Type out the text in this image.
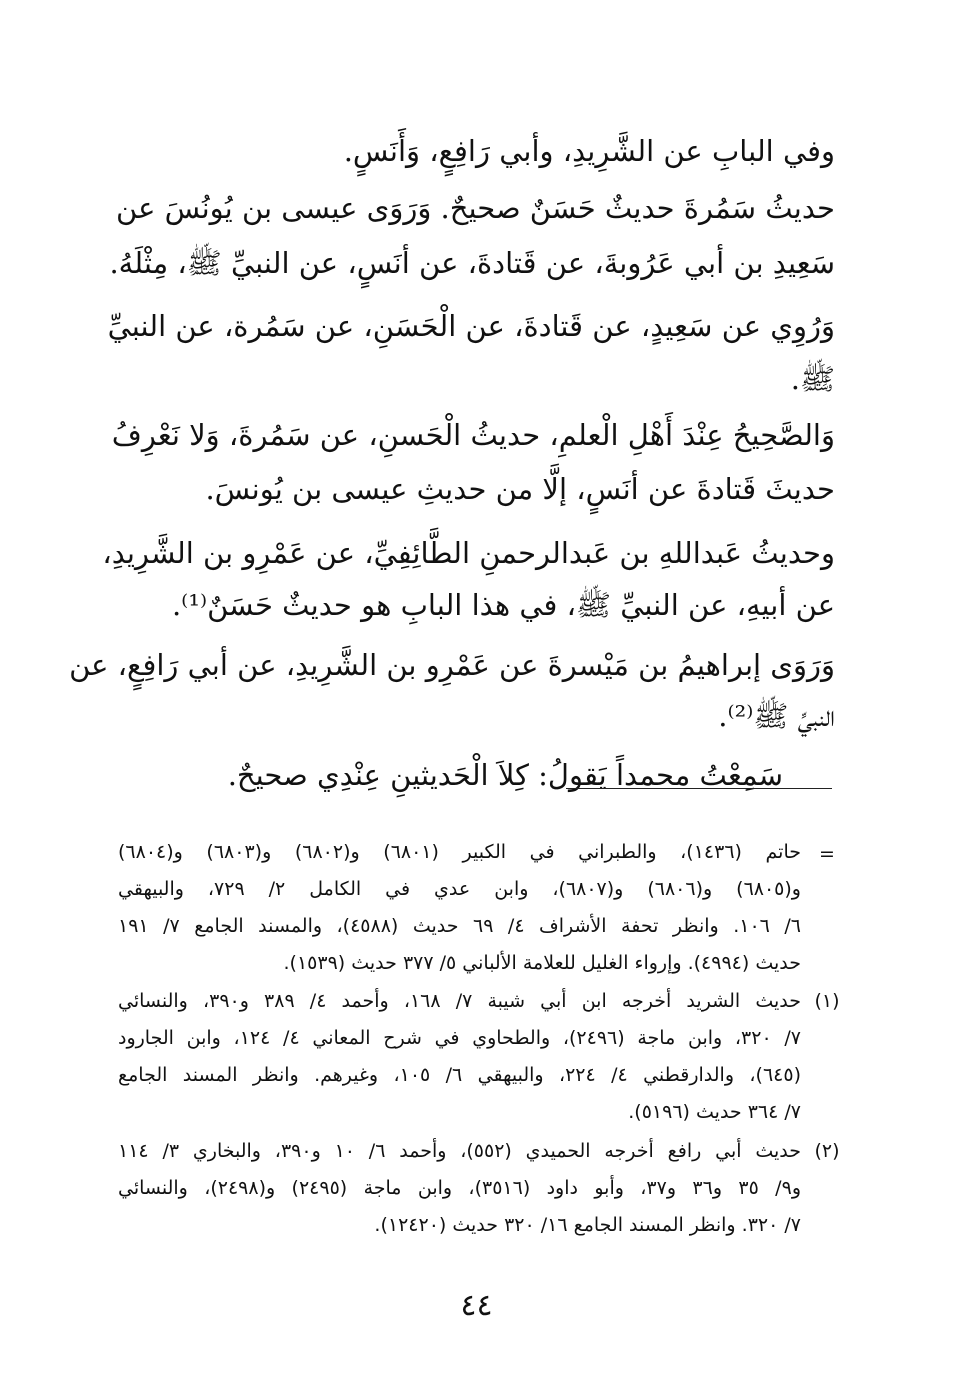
وفي البابِ عن الشَّرِيدِ، وأبي رَافِعٍ، وَأَنَسٍ.
حديثُ سَمُرةَ حديثٌ حَسَنٌ صحيحٌ. وَرَوَى عيسى بن يُونُسَ عن
سَعِيدِ بن أبي عَرُوبةَ، عن قَتادةَ، عن أنَسٍ، عن النبيِّ ﷺ، مِثْلَهُ.
وَرُوِي عن سَعِيدٍ، عن قَتادةَ، عن الْحَسَنِ، عن سَمُرة، عن النبيِّ
ﷺ.
وَالصَّحِيحُ عِنْدَ أَهْلِ الْعلمِ، حديثُ الْحَسنِ، عن سَمُرةَ، وَلا نَعْرِفُ
حديثَ قَتادةَ عن أنَسٍ، إلَّا من حديثِ عيسى بن يُونسَ.
وحديثُ عَبداللهِ بن عَبدالرحمنِ الطَّائِفِيِّ، عن عَمْرِو بن الشَّرِيدِ،
عن أبيهِ، عن النبيِّ ﷺ، في هذا البابِ هو حديثٌ حَسَنٌ⁽¹⁾.
وَرَوَى إبراهيمُ بن مَيْسرةَ عن عَمْرِو بن الشَّرِيدِ، عن أبي رَافِعٍ، عن
النبيِّ ﷺ⁽²⁾.
سَمِعْتُ محمداً يَقولُ: كِلاَ الْحَديثينِ عِنْدِي صحيحٌ.
=
حاتم (١٤٣٦)، والطبراني في الكبير (٦٨٠١) و(٦٨٠٢) و(٦٨٠٣) و(٦٨٠٤)
و(٦٨٠٥) و(٦٨٠٦) و(٦٨٠٧)، وابن عدي في الكامل ٢/ ٧٢٩، والبيهقي
٦/ ١٠٦. وانظر تحفة الأشراف ٤/ ٦٩ حديث (٤٥٨٨)، والمسند الجامع ٧/ ١٩١
حديث (٤٩٩٤). وإرواء الغليل للعلامة الألباني ٥/ ٣٧٧ حديث (١٥٣٩).
(١)
حديث الشريد أخرجه ابن أبي شيبة ٧/ ١٦٨، وأحمد ٤/ ٣٨٩ و٣٩٠، والنسائي
٧/ ٣٢٠، وابن ماجة (٢٤٩٦)، والطحاوي في شرح المعاني ٤/ ١٢٤، وابن الجارود
(٦٤٥)، والدارقطني ٤/ ٢٢٤، والبيهقي ٦/ ١٠٥، وغيرهم. وانظر المسند الجامع
٧/ ٣٦٤ حديث (٥١٩٦).
(٢)
حديث أبي رافع أخرجه الحميدي (٥٥٢)، وأحمد ٦/ ١٠ و٣٩٠، والبخاري ٣/ ١١٤
و٩/ ٣٥ و٣٦ و٣٧، وأبو داود (٣٥١٦)، وابن ماجة (٢٤٩٥) و(٢٤٩٨)، والنسائي
٧/ ٣٢٠. وانظر المسند الجامع ١٦/ ٣٢٠ حديث (١٢٤٢٠).
٤٤
